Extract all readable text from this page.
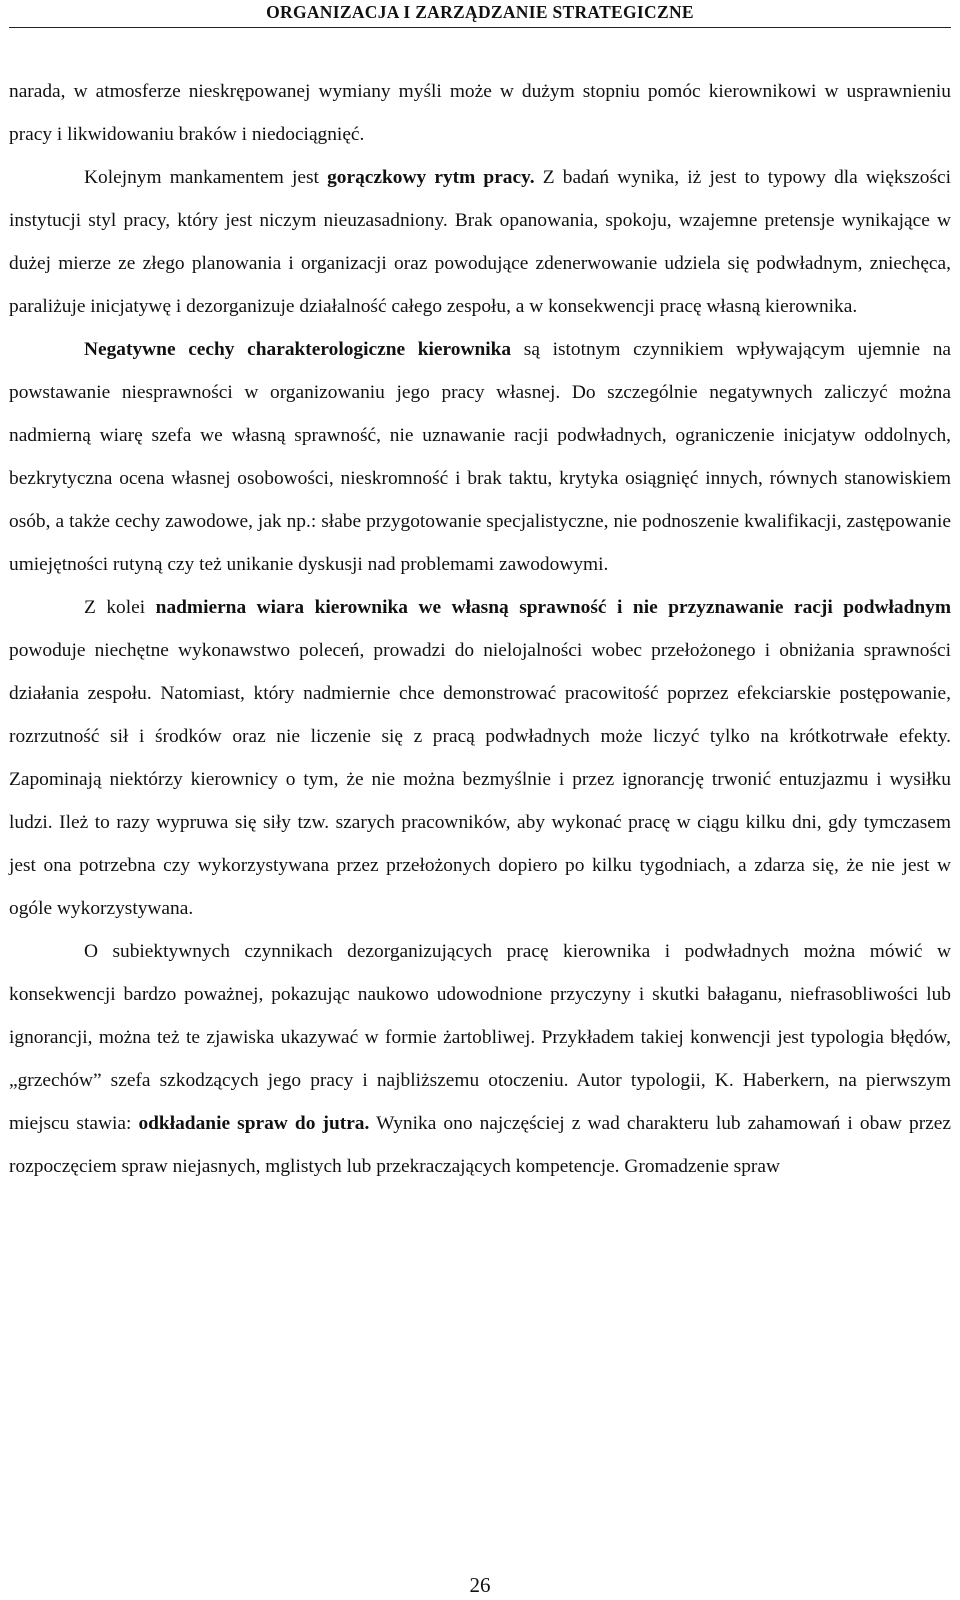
ORGANIZACJA I ZARZĄDZANIE STRATEGICZNE

narada, w atmosferze nieskrępowanej wymiany myśli może w dużym stopniu pomóc kierownikowi w usprawnieniu pracy i likwidowaniu braków i niedociągnięć.

Kolejnym mankamentem jest gorączkowy rytm pracy. Z badań wynika, iż jest to typowy dla większości instytucji styl pracy, który jest niczym nieuzasadniony. Brak opanowania, spokoju, wzajemne pretensje wynikające w dużej mierze ze złego planowania i organizacji oraz powodujące zdenerwowanie udziela się podwładnym, zniechęca, paraliżuje inicjatywę i dezorganizuje działalność całego zespołu, a w konsekwencji pracę własną kierownika.

Negatywne cechy charakterologiczne kierownika są istotnym czynnikiem wpływającym ujemnie na powstawanie niesprawności w organizowaniu jego pracy własnej. Do szczególnie negatywnych zaliczyć można nadmierną wiarę szefa we własną sprawność, nie uznawanie racji podwładnych, ograniczenie inicjatyw oddolnych, bezkrytyczna ocena własnej osobowości, nieskromność i brak taktu, krytyka osiągnięć innych, równych stanowiskiem osób, a także cechy zawodowe, jak np.: słabe przygotowanie specjalistyczne, nie podnoszenie kwalifikacji, zastępowanie umiejętności rutyną czy też unikanie dyskusji nad problemami zawodowymi.

Z kolei nadmierna wiara kierownika we własną sprawność i nie przyznawanie racji podwładnym powoduje niechętne wykonawstwo poleceń, prowadzi do nielojalności wobec przełożonego i obniżania sprawności działania zespołu. Natomiast, który nadmiernie chce demonstrować pracowitość poprzez efekciarskie postępowanie, rozrzutność sił i środków oraz nie liczenie się z pracą podwładnych może liczyć tylko na krótkotrwałe efekty. Zapominają niektórzy kierownicy o tym, że nie można bezmyślnie i przez ignorancję trwonić entuzjazmu i wysiłku ludzi. Ileż to razy wypruwa się siły tzw. szarych pracowników, aby wykonać pracę w ciągu kilku dni, gdy tymczasem jest ona potrzebna czy wykorzystywana przez przełożonych dopiero po kilku tygodniach, a zdarza się, że nie jest w ogóle wykorzystywana.

O subiektywnych czynnikach dezorganizujących pracę kierownika i podwładnych można mówić w konsekwencji bardzo poważnej, pokazując naukowo udowodnione przyczyny i skutki bałaganu, niefrasobliwości lub ignorancji, można też te zjawiska ukazywać w formie żartobliwej. Przykładem takiej konwencji jest typologia błędów, „grzechów” szefa szkodzących jego pracy i najbliższemu otoczeniu. Autor typologii, K. Haberkern, na pierwszym miejscu stawia: odkładanie spraw do jutra. Wynika ono najczęściej z wad charakteru lub zahamowań i obaw przez rozpoczęciem spraw niejasnych, mglistych lub przekraczających kompetencje. Gromadzenie spraw

26
